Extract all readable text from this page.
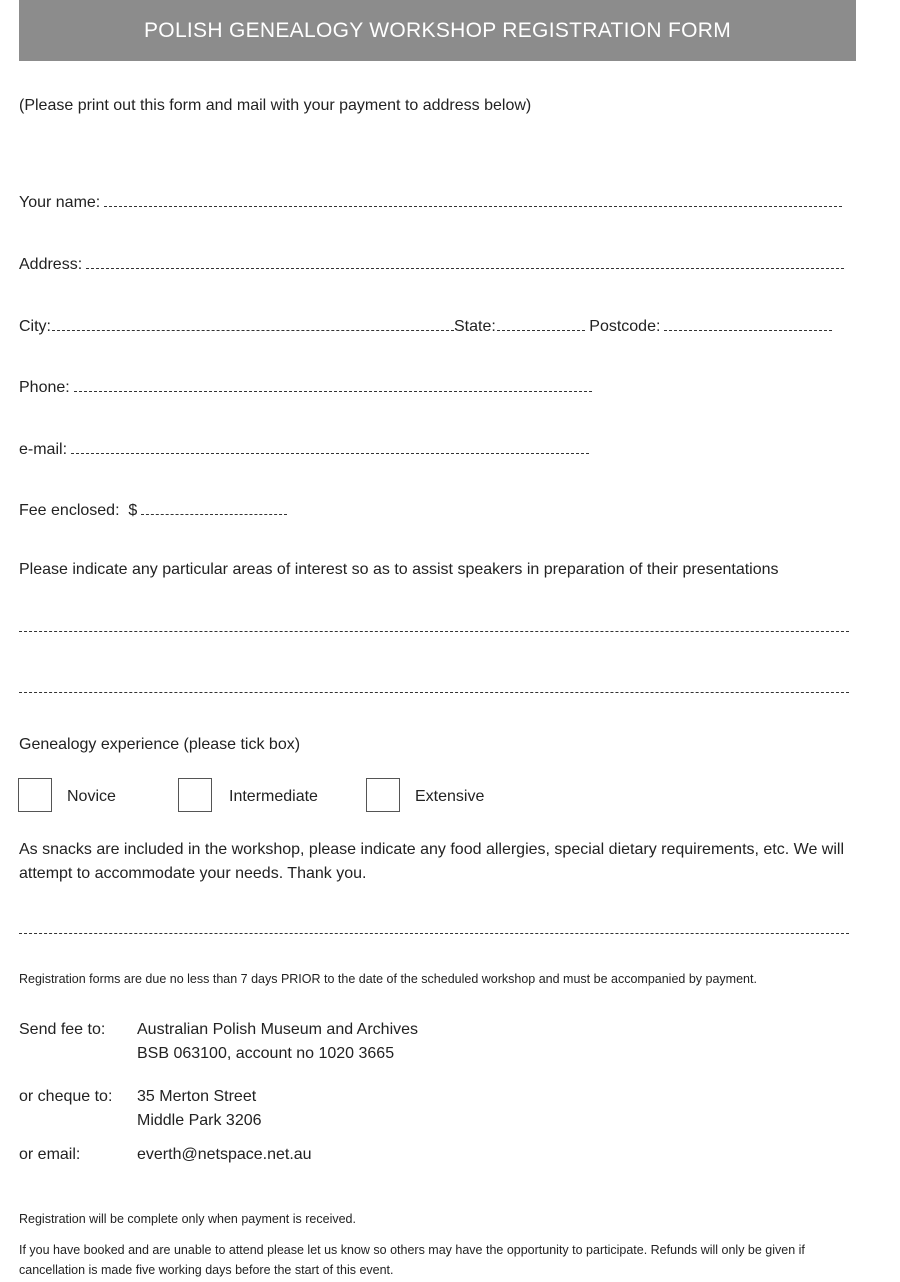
POLISH GENEALOGY WORKSHOP REGISTRATION FORM
(Please print out this form and mail with your payment to address below)
Your name:
Address:
City:	State:	Postcode:
Phone:
e-mail:
Fee enclosed: $
Please indicate any particular areas of interest so as to assist speakers in preparation of their presentations
Genealogy experience (please tick box)
Novice	Intermediate	Extensive
As snacks are included in the workshop, please indicate any food allergies, special dietary requirements, etc. We will attempt to accommodate your needs. Thank you.
Registration forms are due no less than 7 days PRIOR to the date of the scheduled workshop and must be accompanied by payment.
Send fee to: Australian Polish Museum and Archives
BSB 063100, account no 1020 3665
or cheque to: 35 Merton Street
Middle Park 3206
or email:	everth@netspace.net.au
Registration will be complete only when payment is received.
If you have booked and are unable to attend please let us know so others may have the opportunity to participate. Refunds will only be given if cancellation is made five working days before the start of this event.
